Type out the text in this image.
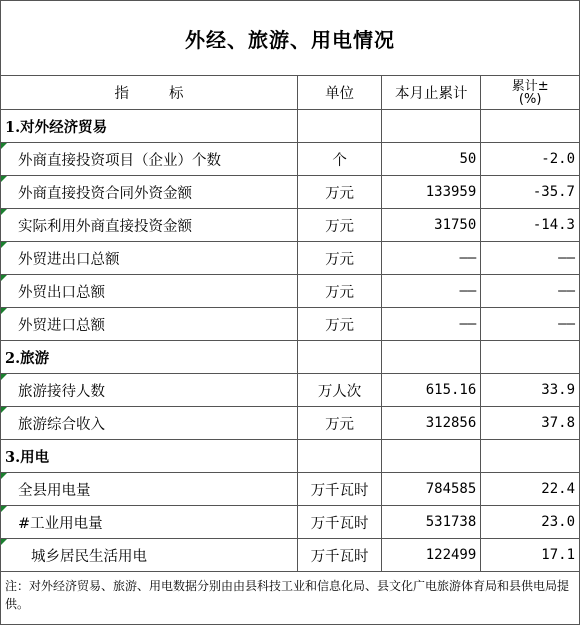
外经、旅游、用电情况
指 标	单位	本月止累计	累计±
(%)

1.对外经济贸易			

外商直接投资项目（企业）个数	个	50	-2.0

外商直接投资合同外资金额	万元	133959	-35.7

实际利用外商直接投资金额	万元	31750	-14.3

外贸进出口总额	万元	——	——

外贸出口总额	万元	——	——

外贸进口总额	万元	——	——
2.旅游			

旅游接待人数	万人次	615.16	33.9

旅游综合收入	万元	312856	37.8
3.用电			

全县用电量	万千瓦时	784585	22.4

#工业用电量	万千瓦时	531738	23.0

城乡居民生活用电	万千瓦时	122499	17.1
注：对外经济贸易、旅游、用电数据分别由由县科技工业和信息化局、县文化广电旅游体育局和县供电局提供。
